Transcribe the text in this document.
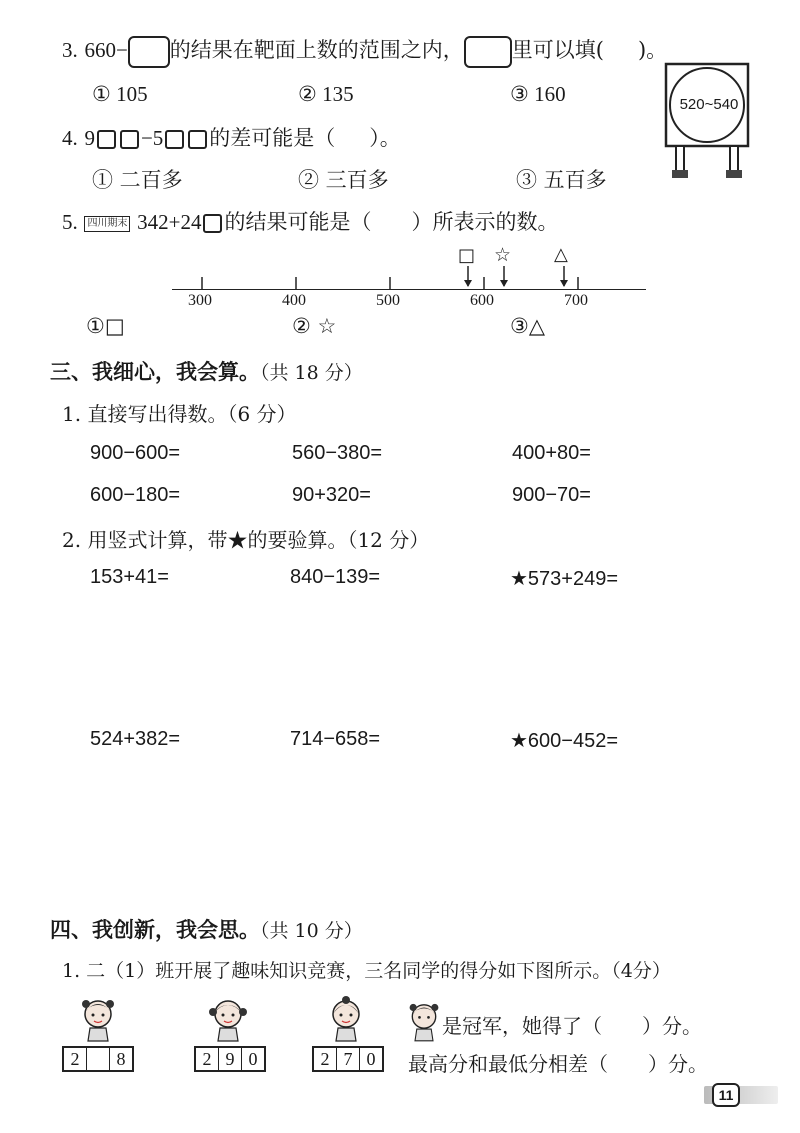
3. 660− 的结果在靶面上数的范围之内， 里可以填( )。
① 105	② 135	③ 160	520~540
4. 9 −5 的差可能是（ ）。
① 二百多	② 三百多	③ 五百多
5. 四川期末 342+24 的结果可能是（ ）所表示的数。
□ ☆ △
300	400	500	600	700
①□	② ☆	③△
三、我细心，我会算。（共 18 分）
1. 直接写出得数。（6 分）
900−600=	560−380=	400+80=
600−180=	90+320=	900−70=
2. 用竖式计算，带★的要验算。（12 分）
153+41=	840−139=	★573+249=
524+382=	714−658=	★600−452=
四、我创新，我会思。（共 10 分）
1. 二（1）班开展了趣味知识竞赛，三名同学的得分如下图所示。（4分）
2	8	2 9 0	2 7 0
是冠军，她得了（　　）分。
最高分和最低分相差（　　）分。
11
